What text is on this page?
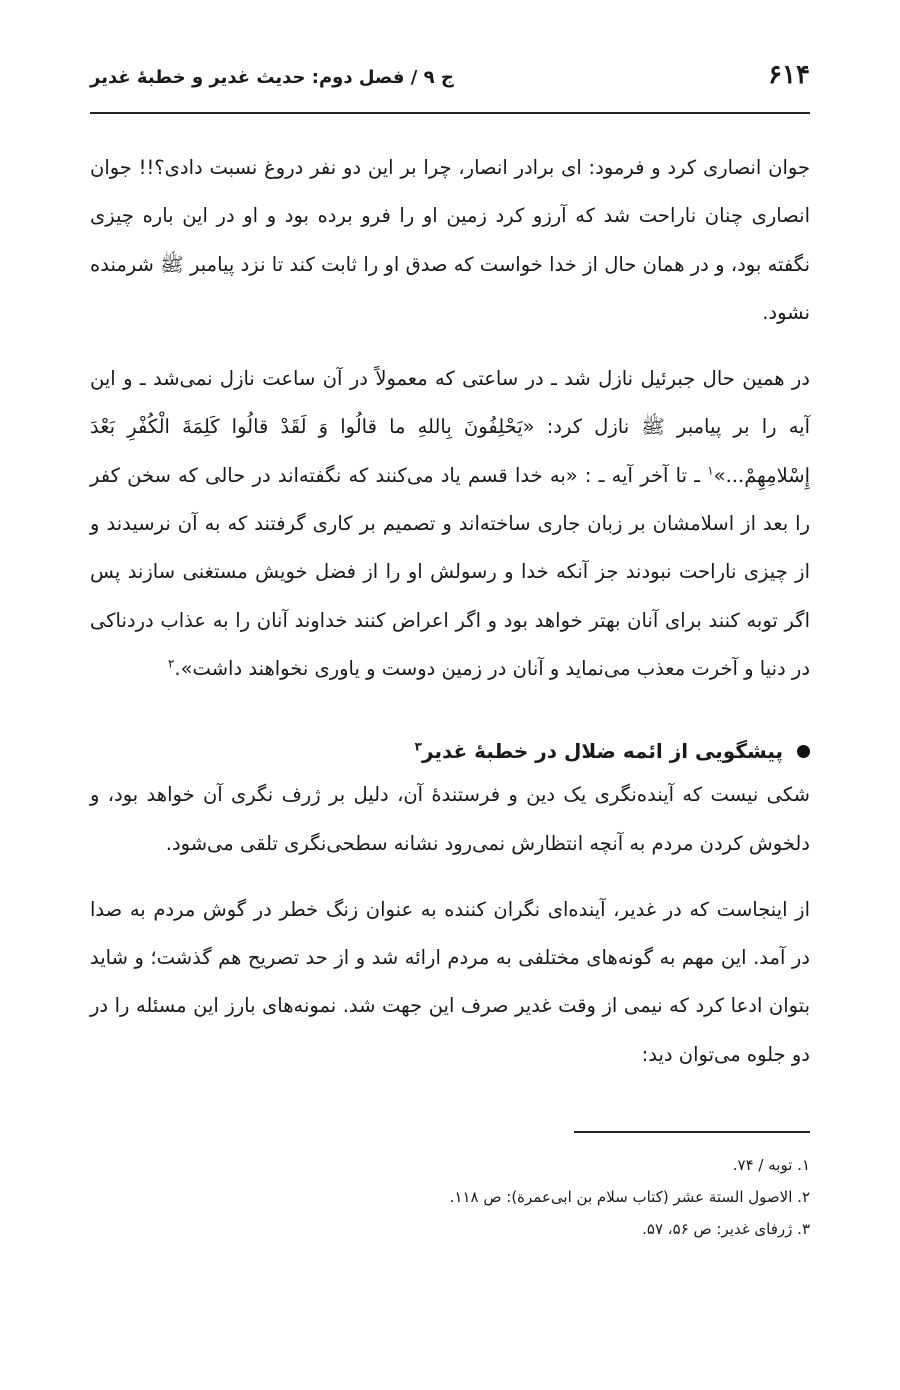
۶۱۴
ج ۹ / فصل دوم: حدیث غدیر و خطبهٔ غدیر

جوان انصاری کرد و فرمود: ای برادر انصار، چرا بر این دو نفر دروغ نسبت دادی؟!! جوان انصاری چنان ناراحت شد که آرزو کرد زمین او را فرو برده بود و او در این باره چیزی نگفته بود، و در همان حال از خدا خواست که صدق او را ثابت کند تا نزد پیامبر ﷺ شرمنده نشود.

در همین حال جبرئیل نازل شد ـ در ساعتی که معمولاً در آن ساعت نازل نمی‌شد ـ و این آیه را بر پیامبر ﷺ نازل کرد: «یَحْلِفُونَ بِاللهِ ما قالُوا وَ لَقَدْ قالُوا کَلِمَةَ الْکُفْرِ بَعْدَ إِسْلامِهِمْ...»$^۱$ ـ تا آخر آیه ـ : «به خدا قسم یاد می‌کنند که نگفته‌اند در حالی که سخن کفر را بعد از اسلامشان بر زبان جاری ساخته‌اند و تصمیم بر کاری گرفتند که به آن نرسیدند و از چیزی ناراحت نبودند جز آنکه خدا و رسولش او را از فضل خویش مستغنی سازند پس اگر توبه کنند برای آنان بهتر خواهد بود و اگر اعراض کنند خداوند آنان را به عذاب دردناکی در دنیا و آخرت معذب می‌نماید و آنان در زمین دوست و یاوری نخواهند داشت».$^۲$

پیشگویی از ائمه ضلال در خطبهٔ غدیر$^۳$

شکی نیست که آینده‌نگری یک دین و فرستندهٔ آن، دلیل بر ژرف نگری آن خواهد بود، و دلخوش کردن مردم به آنچه انتظارش نمی‌رود نشانه سطحی‌نگری تلقی می‌شود.

از اینجاست که در غدیر، آینده‌ای نگران کننده به عنوان زنگ خطر در گوش مردم به صدا در آمد. این مهم به گونه‌های مختلفی به مردم ارائه شد و از حد تصریح هم گذشت؛ و شاید بتوان ادعا کرد که نیمی از وقت غدیر صرف این جهت شد. نمونه‌های بارز این مسئله را در دو جلوه می‌توان دید:

۱. توبه / ۷۴.
۲. الاصول الستة عشر (کتاب سلام بن ابی‌عمرة): ص ۱۱۸.
۳. ژرفای غدیر: ص ۵۶، ۵۷.
